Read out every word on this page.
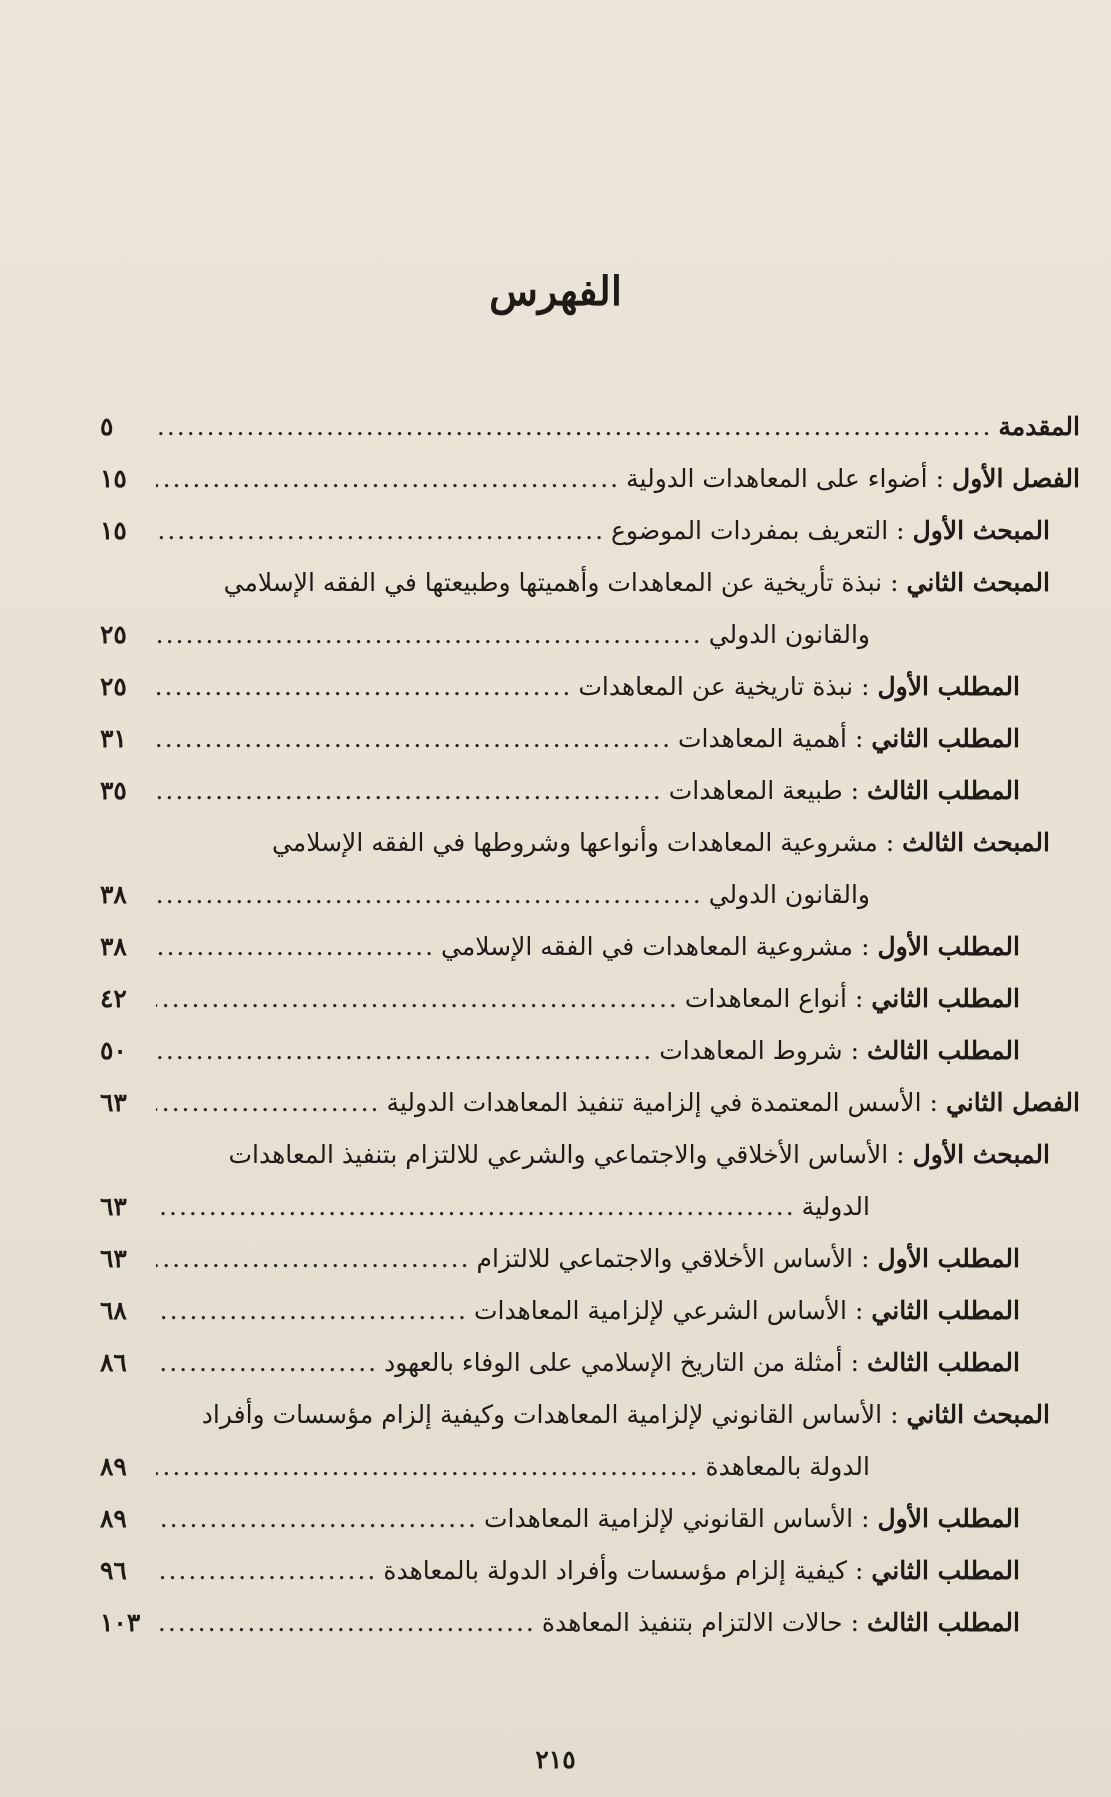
الفهرس
المقدمة
.....
٥
الفصل الأول
:
أضواء على المعاهدات الدولية
.....
١٥
المبحث الأول
:
التعريف بمفردات الموضوع
.....
١٥
المبحث الثاني
:
نبذة تأريخية عن المعاهدات وأهميتها وطبيعتها في الفقه الإسلامي
والقانون الدولي
.....
٢٥
المطلب الأول
:
نبذة تاريخية عن المعاهدات
.....
٢٥
المطلب الثاني
:
أهمية المعاهدات
.....
٣١
المطلب الثالث
:
طبيعة المعاهدات
.....
٣٥
المبحث الثالث
:
مشروعية المعاهدات وأنواعها وشروطها في الفقه الإسلامي
والقانون الدولي
.....
٣٨
المطلب الأول
:
مشروعية المعاهدات في الفقه الإسلامي
.....
٣٨
المطلب الثاني
:
أنواع المعاهدات
.....
٤٢
المطلب الثالث
:
شروط المعاهدات
.....
٥٠
الفصل الثاني
:
الأسس المعتمدة في إلزامية تنفيذ المعاهدات الدولية
.....
٦٣
المبحث الأول
:
الأساس الأخلاقي والاجتماعي والشرعي للالتزام بتنفيذ المعاهدات
الدولية
.....
٦٣
المطلب الأول
:
الأساس الأخلاقي والاجتماعي للالتزام
.....
٦٣
المطلب الثاني
:
الأساس الشرعي لإلزامية المعاهدات
.....
٦٨
المطلب الثالث
:
أمثلة من التاريخ الإسلامي على الوفاء بالعهود
.....
٨٦
المبحث الثاني
:
الأساس القانوني لإلزامية المعاهدات وكيفية إلزام مؤسسات وأفراد
الدولة بالمعاهدة
.....
٨٩
المطلب الأول
:
الأساس القانوني لإلزامية المعاهدات
.....
٨٩
المطلب الثاني
:
كيفية إلزام مؤسسات وأفراد الدولة بالمعاهدة
.....
٩٦
المطلب الثالث
:
حالات الالتزام بتنفيذ المعاهدة
.....
١٠٣
٢١٥
